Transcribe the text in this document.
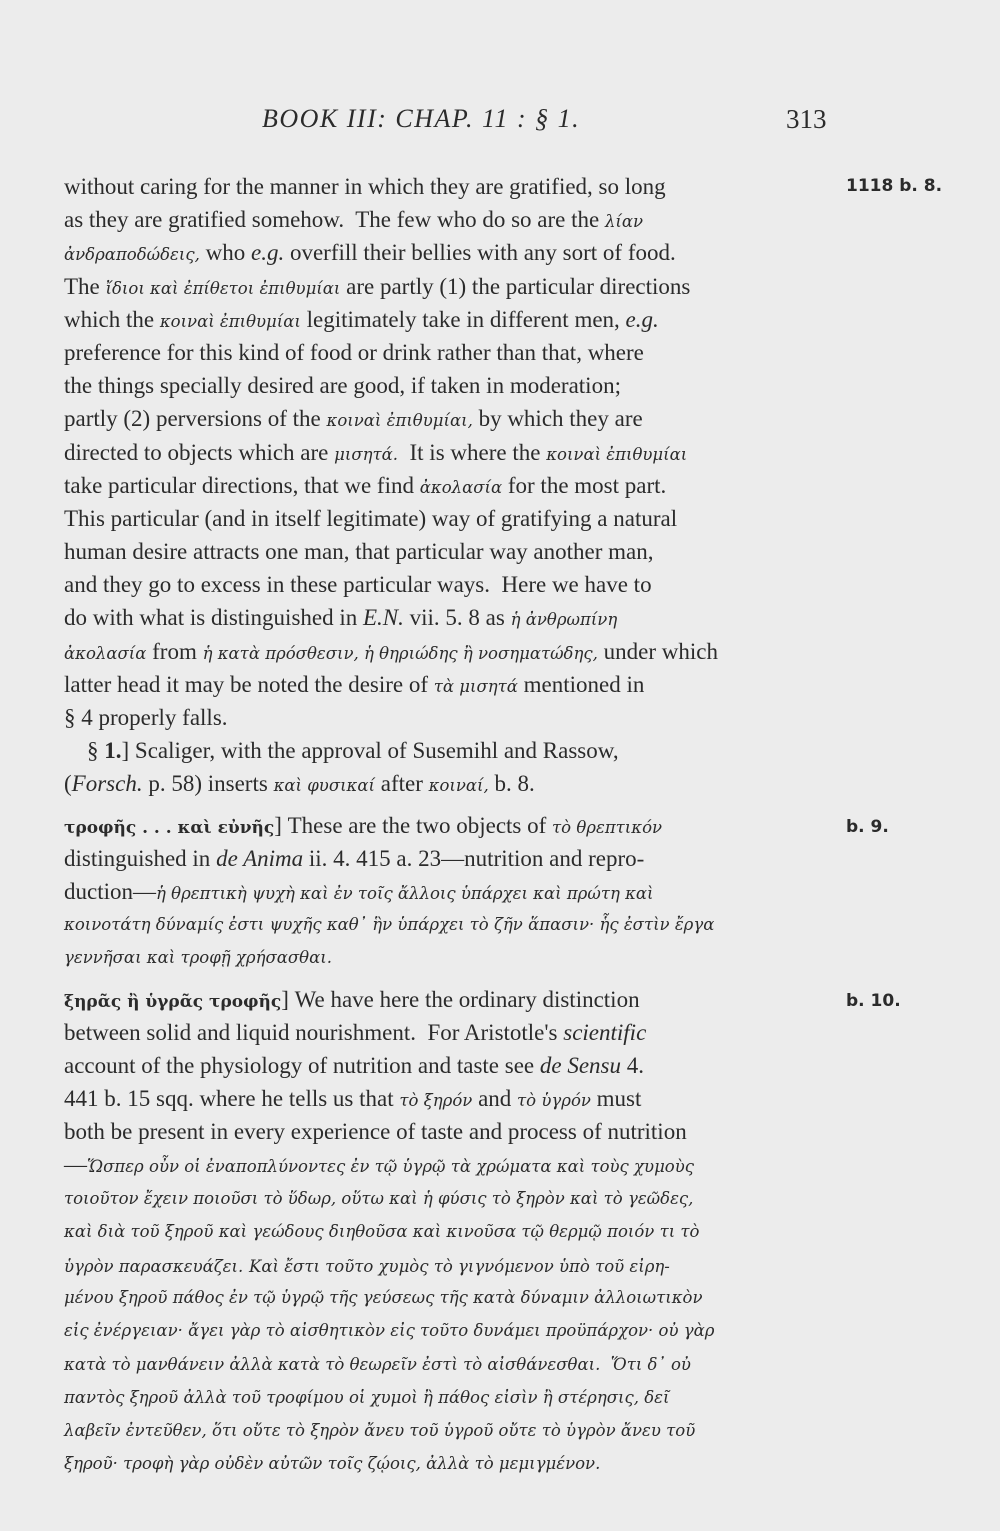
BOOK III: CHAP. 11 : § 1.	313
1118 b. 8.
b. 9.
b. 10.
without caring for the manner in which they are gratified, so long
as they are gratified somehow.  The few who do so are the λίαν
ἀνδραποδώδεις, who e.g. overfill their bellies with any sort of food.
The ἴδιοι καὶ ἐπίθετοι ἐπιθυμίαι are partly (1) the particular directions
which the κοιναὶ ἐπιθυμίαι legitimately take in different men, e.g.
preference for this kind of food or drink rather than that, where
the things specially desired are good, if taken in moderation;
partly (2) perversions of the κοιναὶ ἐπιθυμίαι, by which they are
directed to objects which are μισητά.  It is where the κοιναὶ ἐπιθυμίαι
take particular directions, that we find ἀκολασία for the most part.
This particular (and in itself legitimate) way of gratifying a natural
human desire attracts one man, that particular way another man,
and they go to excess in these particular ways.  Here we have to
do with what is distinguished in E.N. vii. 5. 8 as ἡ ἀνθρωπίνη
ἀκολασία from ἡ κατὰ πρόσθεσιν, ἡ θηριώδης ἢ νοσηματώδης, under which
latter head it may be noted the desire of τὰ μισητά mentioned in
§ 4 properly falls.
§ 1.] Scaliger, with the approval of Susemihl and Rassow,
(Forsch. p. 58) inserts καὶ φυσικαί after κοιναί, b. 8.
τροφῆς . . . καὶ εὐνῆς] These are the two objects of τὸ θρεπτικόν
distinguished in de Anima ii. 4. 415 a. 23—nutrition and repro-
duction—ἡ θρεπτικὴ ψυχὴ καὶ ἐν τοῖς ἄλλοις ὑπάρχει καὶ πρώτη καὶ
κοινοτάτη δύναμίς ἐστι ψυχῆς καθ᾽ ἣν ὑπάρχει τὸ ζῆν ἅπασιν· ἧς ἐστὶν ἔργα
γεννῆσαι καὶ τροφῇ χρήσασθαι.
ξηρᾶς ἢ ὑγρᾶς τροφῆς] We have here the ordinary distinction
between solid and liquid nourishment.  For Aristotle's scientific
account of the physiology of nutrition and taste see de Sensu 4.
441 b. 15 sqq. where he tells us that τὸ ξηρόν and τὸ ὑγρόν must
both be present in every experience of taste and process of nutrition
—Ὥσπερ οὖν οἱ ἐναποπλύνοντες ἐν τῷ ὑγρῷ τὰ χρώματα καὶ τοὺς χυμοὺς
τοιοῦτον ἔχειν ποιοῦσι τὸ ὕδωρ, οὕτω καὶ ἡ φύσις τὸ ξηρὸν καὶ τὸ γεῶδες,
καὶ διὰ τοῦ ξηροῦ καὶ γεώδους διηθοῦσα καὶ κινοῦσα τῷ θερμῷ ποιόν τι τὸ
ὑγρὸν παρασκευάζει. Καὶ ἔστι τοῦτο χυμὸς τὸ γιγνόμενον ὑπὸ τοῦ εἰρη-
μένου ξηροῦ πάθος ἐν τῷ ὑγρῷ τῆς γεύσεως τῆς κατὰ δύναμιν ἀλλοιωτικὸν
εἰς ἐνέργειαν· ἄγει γὰρ τὸ αἰσθητικὸν εἰς τοῦτο δυνάμει προϋπάρχον· οὐ γὰρ
κατὰ τὸ μανθάνειν ἀλλὰ κατὰ τὸ θεωρεῖν ἐστὶ τὸ αἰσθάνεσθαι.  Ὅτι δ᾽ οὐ
παντὸς ξηροῦ ἀλλὰ τοῦ τροφίμου οἱ χυμοὶ ἢ πάθος εἰσὶν ἢ στέρησις, δεῖ
λαβεῖν ἐντεῦθεν, ὅτι οὔτε τὸ ξηρὸν ἄνευ τοῦ ὑγροῦ οὔτε τὸ ὑγρὸν ἄνευ τοῦ
ξηροῦ· τροφὴ γὰρ οὐδὲν αὐτῶν τοῖς ζῴοις, ἀλλὰ τὸ μεμιγμένον.
